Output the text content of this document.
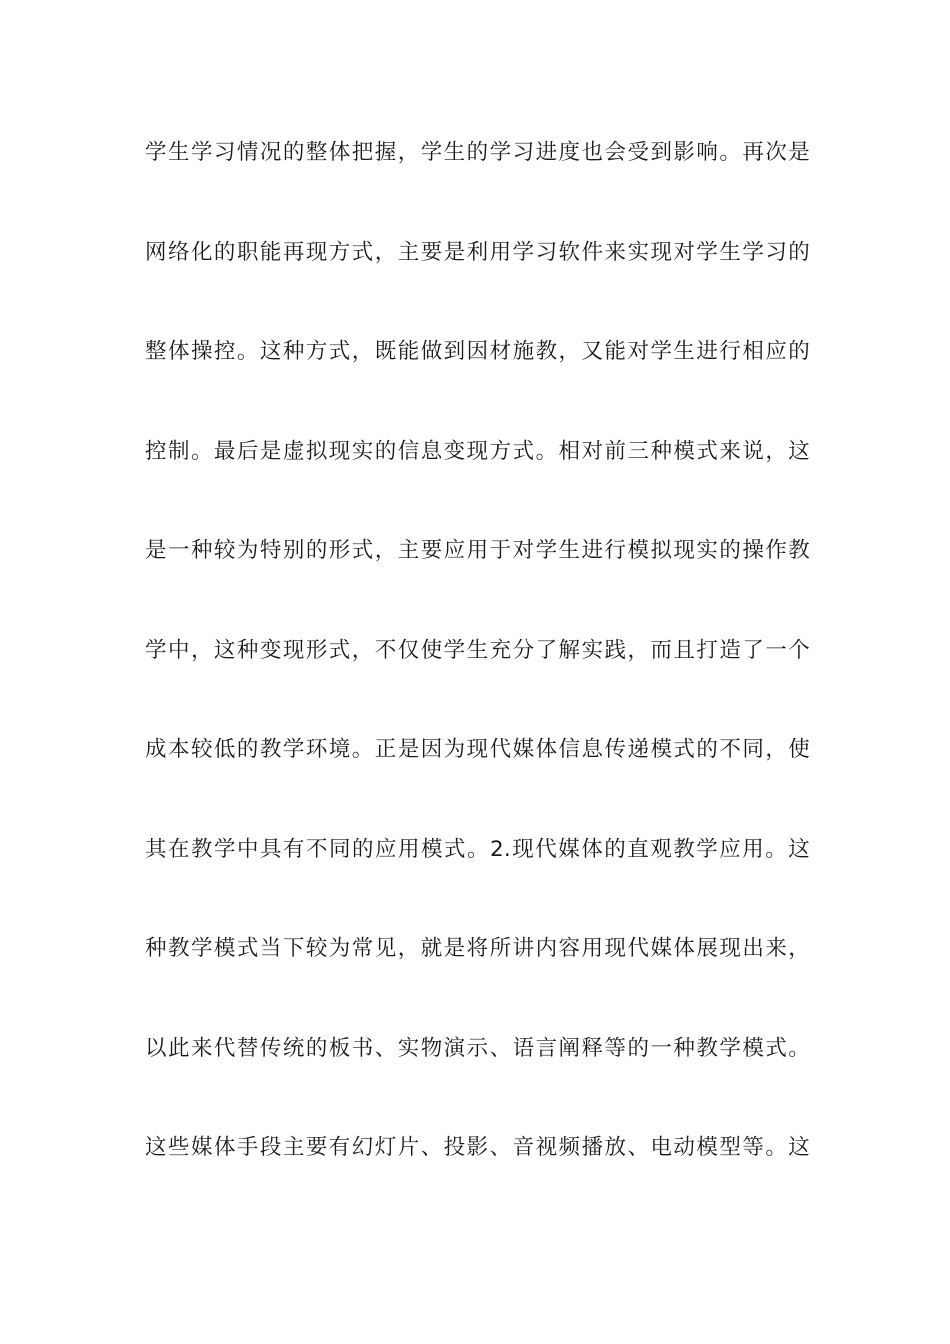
学生学习情况的整体把握，学生的学习进度也会受到影响。再次是
网络化的职能再现方式，主要是利用学习软件来实现对学生学习的
整体操控。这种方式，既能做到因材施教，又能对学生进行相应的
控制。最后是虚拟现实的信息变现方式。相对前三种模式来说，这
是一种较为特别的形式，主要应用于对学生进行模拟现实的操作教
学中，这种变现形式，不仅使学生充分了解实践，而且打造了一个
成本较低的教学环境。正是因为现代媒体信息传递模式的不同，使
其在教学中具有不同的应用模式。2.现代媒体的直观教学应用。这
种教学模式当下较为常见，就是将所讲内容用现代媒体展现出来，
以此来代替传统的板书、实物演示、语言阐释等的一种教学模式。
这些媒体手段主要有幻灯片、投影、音视频播放、电动模型等。这
